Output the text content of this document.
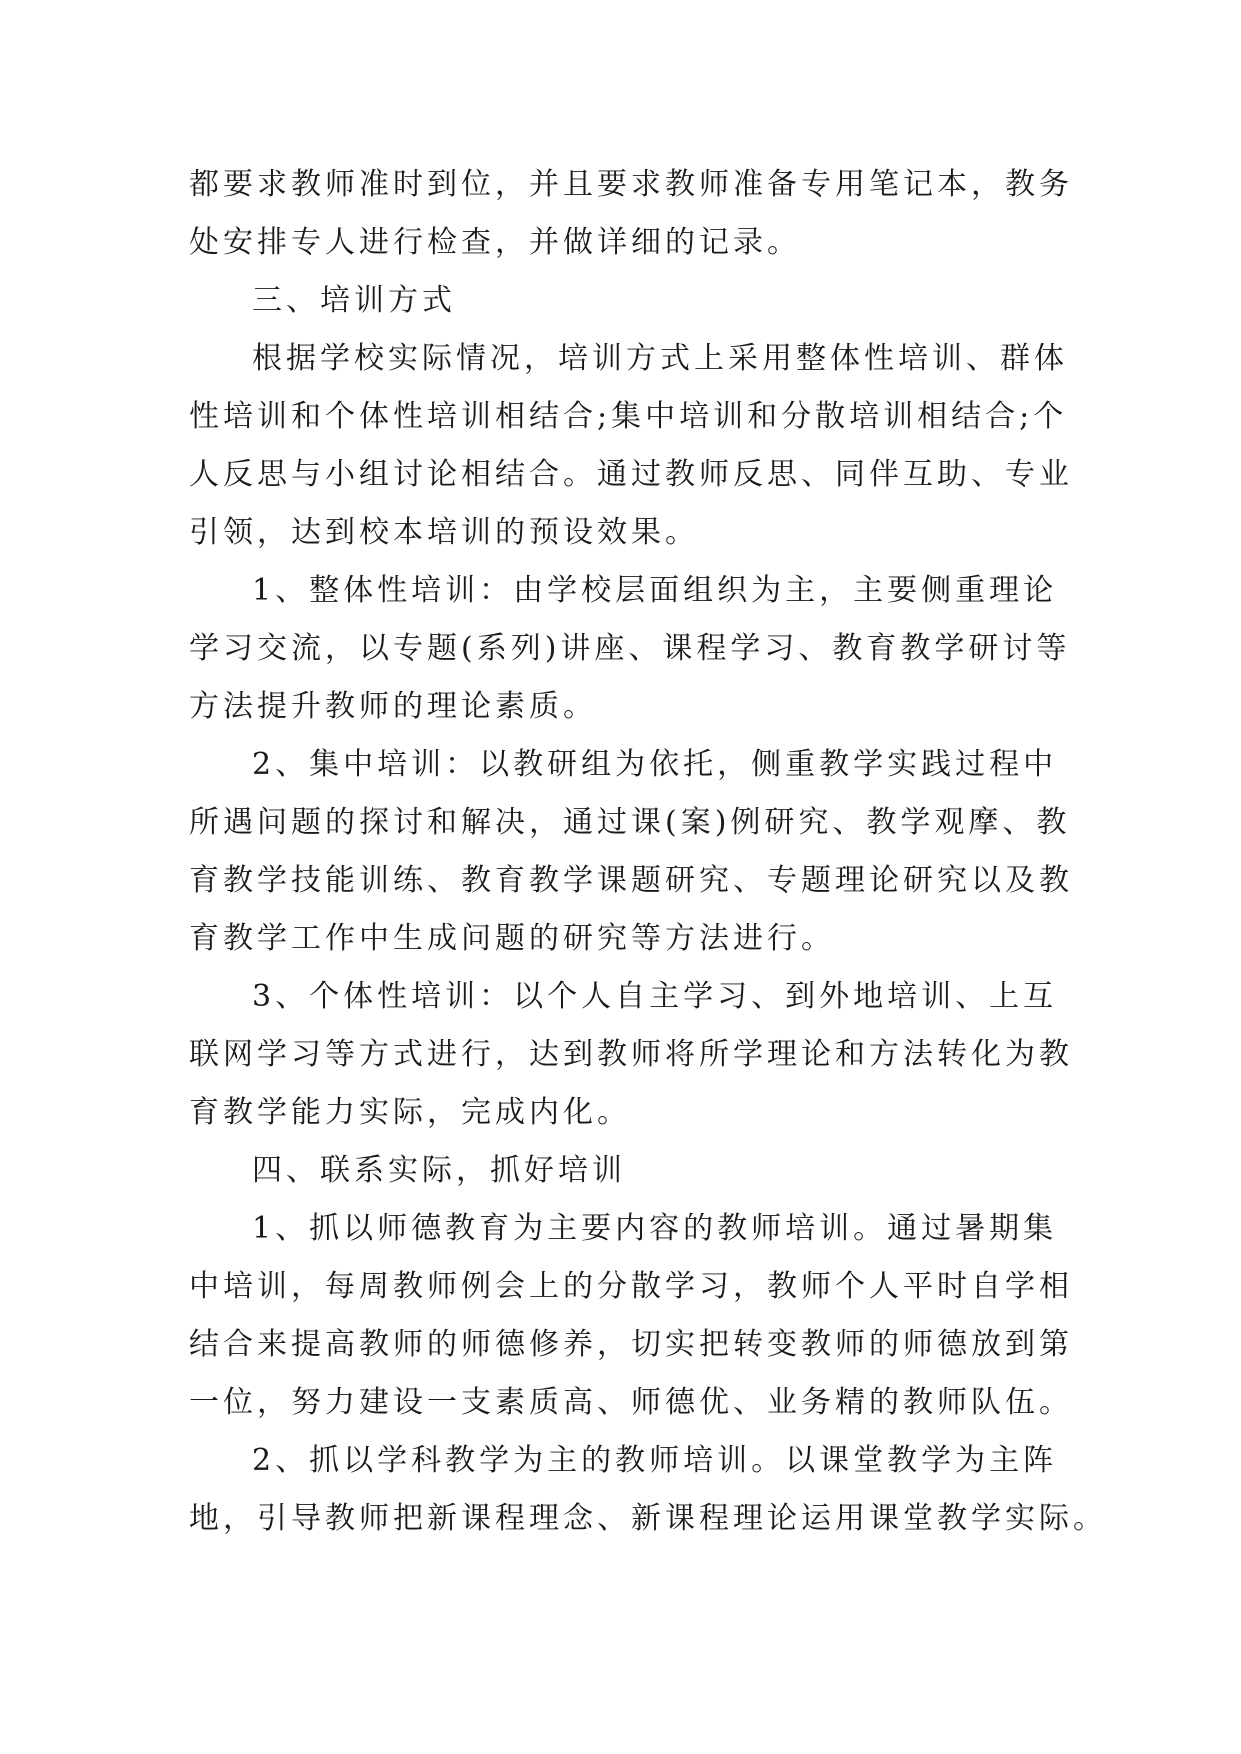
都要求教师准时到位，并且要求教师准备专用笔记本，教务

处安排专人进行检查，并做详细的记录。

三、培训方式

根据学校实际情况，培训方式上采用整体性培训、群体

性培训和个体性培训相结合;集中培训和分散培训相结合;个

人反思与小组讨论相结合。通过教师反思、同伴互助、专业

引领，达到校本培训的预设效果。

1、整体性培训：由学校层面组织为主，主要侧重理论

学习交流，以专题(系列)讲座、课程学习、教育教学研讨等

方法提升教师的理论素质。

2、集中培训：以教研组为依托，侧重教学实践过程中

所遇问题的探讨和解决，通过课(案)例研究、教学观摩、教

育教学技能训练、教育教学课题研究、专题理论研究以及教

育教学工作中生成问题的研究等方法进行。

3、个体性培训：以个人自主学习、到外地培训、上互

联网学习等方式进行，达到教师将所学理论和方法转化为教

育教学能力实际，完成内化。

四、联系实际，抓好培训

1、抓以师德教育为主要内容的教师培训。通过暑期集

中培训，每周教师例会上的分散学习，教师个人平时自学相

结合来提高教师的师德修养，切实把转变教师的师德放到第

一位，努力建设一支素质高、师德优、业务精的教师队伍。

2、抓以学科教学为主的教师培训。以课堂教学为主阵

地，引导教师把新课程理念、新课程理论运用课堂教学实际。
